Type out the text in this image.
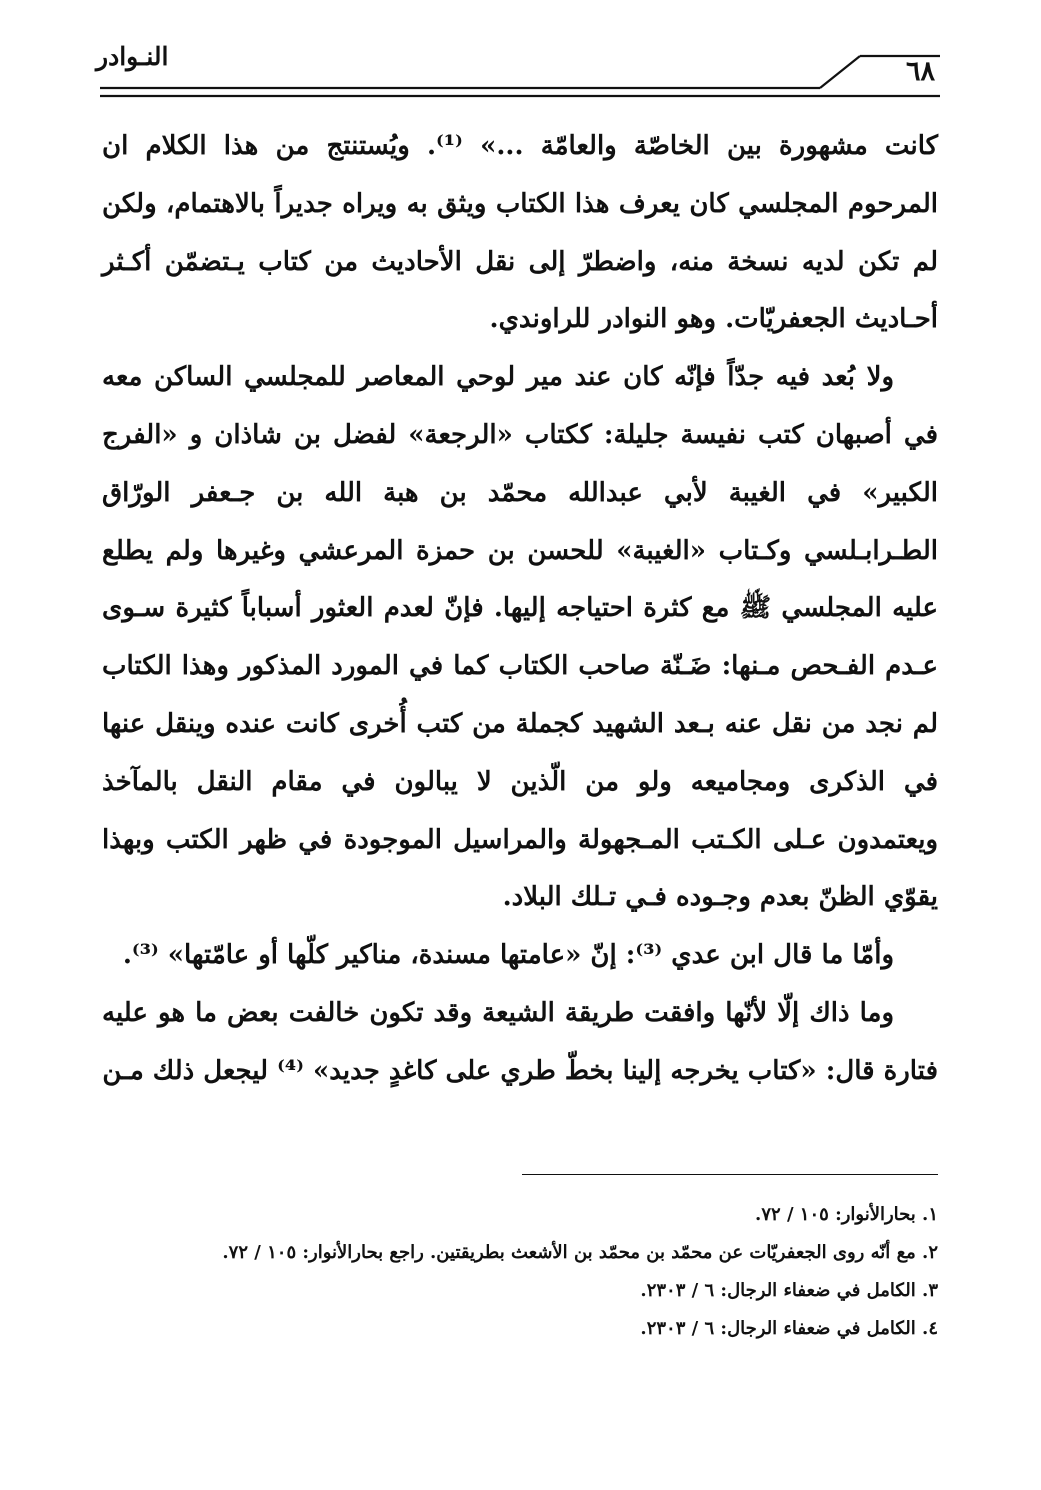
النـوادر	٦٨

كانت مشهورة بين الخاصّة والعامّة ...» ⁽¹⁾. ويُستنتج من هذا الكلام ان المرحوم المجلسي كان يعرف هذا الكتاب ويثق به ويراه جديراً بالاهتمام، ولكن لم تكن لديه نسخة منه، واضطرّ إلى نقل الأحاديث من كتاب يـتضمّن أكـثر أحـاديث الجعفريّات. وهو النوادر للراوندي.

ولا بُعد فيه جدّاً فإنّه كان عند مير لوحي المعاصر للمجلسي الساكن معه في أصبهان كتب نفيسة جليلة: ككتاب «الرجعة» لفضل بن شاذان و «الفرج الكبير» في الغيبة لأبي عبدالله محمّد بن هبة الله بن جـعفر الورّاق الطـرابـلسي وكـتاب «الغيبة» للحسن بن حمزة المرعشي وغيرها ولم يطلع عليه المجلسي ﷺ مع كثرة احتياجه إليها. فإنّ لعدم العثور أسباباً كثيرة سـوى عـدم الفـحص مـنها: ضَـنّة صاحب الكتاب كما في المورد المذكور وهذا الكتاب لم نجد من نقل عنه بـعد الشهيد كجملة من كتب أُخرى كانت عنده وينقل عنها في الذكرى ومجاميعه ولو من الّذين لا يبالون في مقام النقل بالمآخذ ويعتمدون عـلى الكـتب المـجهولة والمراسيل الموجودة في ظهر الكتب وبهذا يقوّي الظنّ بعدم وجـوده فـي تـلك البلاد.

وأمّا ما قال ابن عدي ⁽³⁾: إنّ «عامتها مسندة، مناكير كلّها أو عامّتها» ⁽³⁾.

وما ذاك إلّا لأنّها وافقت طريقة الشيعة وقد تكون خالفت بعض ما هو عليه فتارة قال: «كتاب يخرجه إلينا بخطّ طري على كاغدٍ جديد» ⁽⁴⁾ ليجعل ذلك مـن

١. بحارالأنوار: ١٠٥ / ٧٢.

٢. مع أنّه روى الجعفريّات عن محمّد بن محمّد بن الأشعث بطريقتين. راجع بحارالأنوار: ١٠٥ / ٧٢.

٣. الكامل في ضعفاء الرجال: ٦ / ٢٣٠٣.

٤. الكامل في ضعفاء الرجال: ٦ / ٢٣٠٣.
